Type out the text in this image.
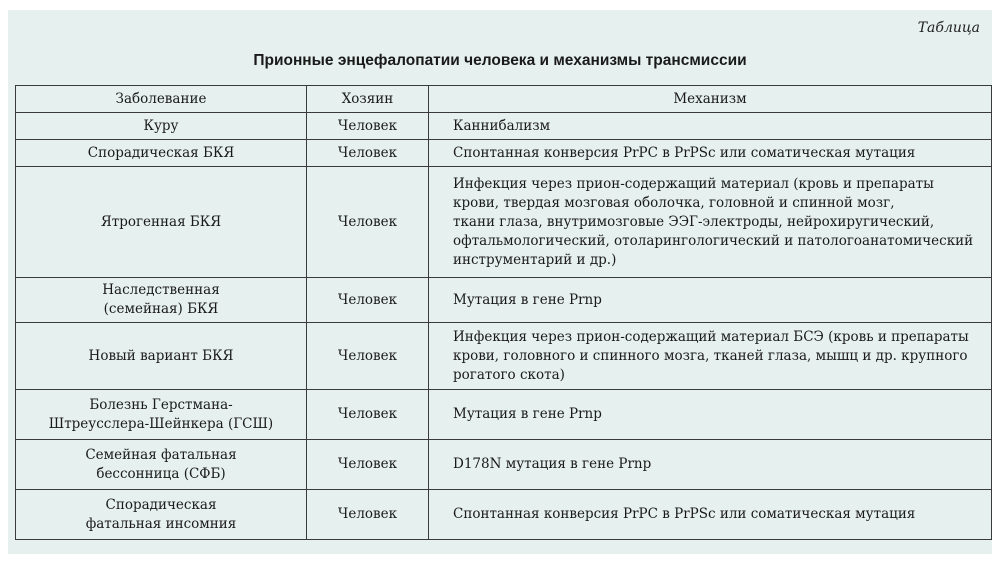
Таблица
Прионные энцефалопатии человека и механизмы трансмиссии
Заболевание	Хозяин	Механизм
Куру	Человек	Каннибализм
Спорадическая БКЯ	Человек	Спонтанная конверсия PrPC в PrPSc или соматическая мутация
Ятрогенная БКЯ	Человек	Инфекция через прион-содержащий материал (кровь и препараты
крови, твердая мозговая оболочка, головной и спинной мозг,
ткани глаза, внутримозговые ЭЭГ-электроды, нейрохиругический,
офтальмологический, отоларингологический и патологоанатомический
инструментарий и др.)
Наследственная
(семейная) БКЯ	Человек	Мутация в гене Prnp
Новый вариант БКЯ	Человек	Инфекция через прион-содержащий материал БСЭ (кровь и препараты
крови, головного и спинного мозга, тканей глаза, мышц и др. крупного
рогатого скота)
Болезнь Герстмана-
Штреусслера-Шейнкера (ГСШ)	Человек	Мутация в гене Prnp
Семейная фатальная
бессонница (СФБ)	Человек	D178N мутация в гене Prnp
Спорадическая
фатальная инсомния	Человек	Спонтанная конверсия PrPC в PrPSc или соматическая мутация
